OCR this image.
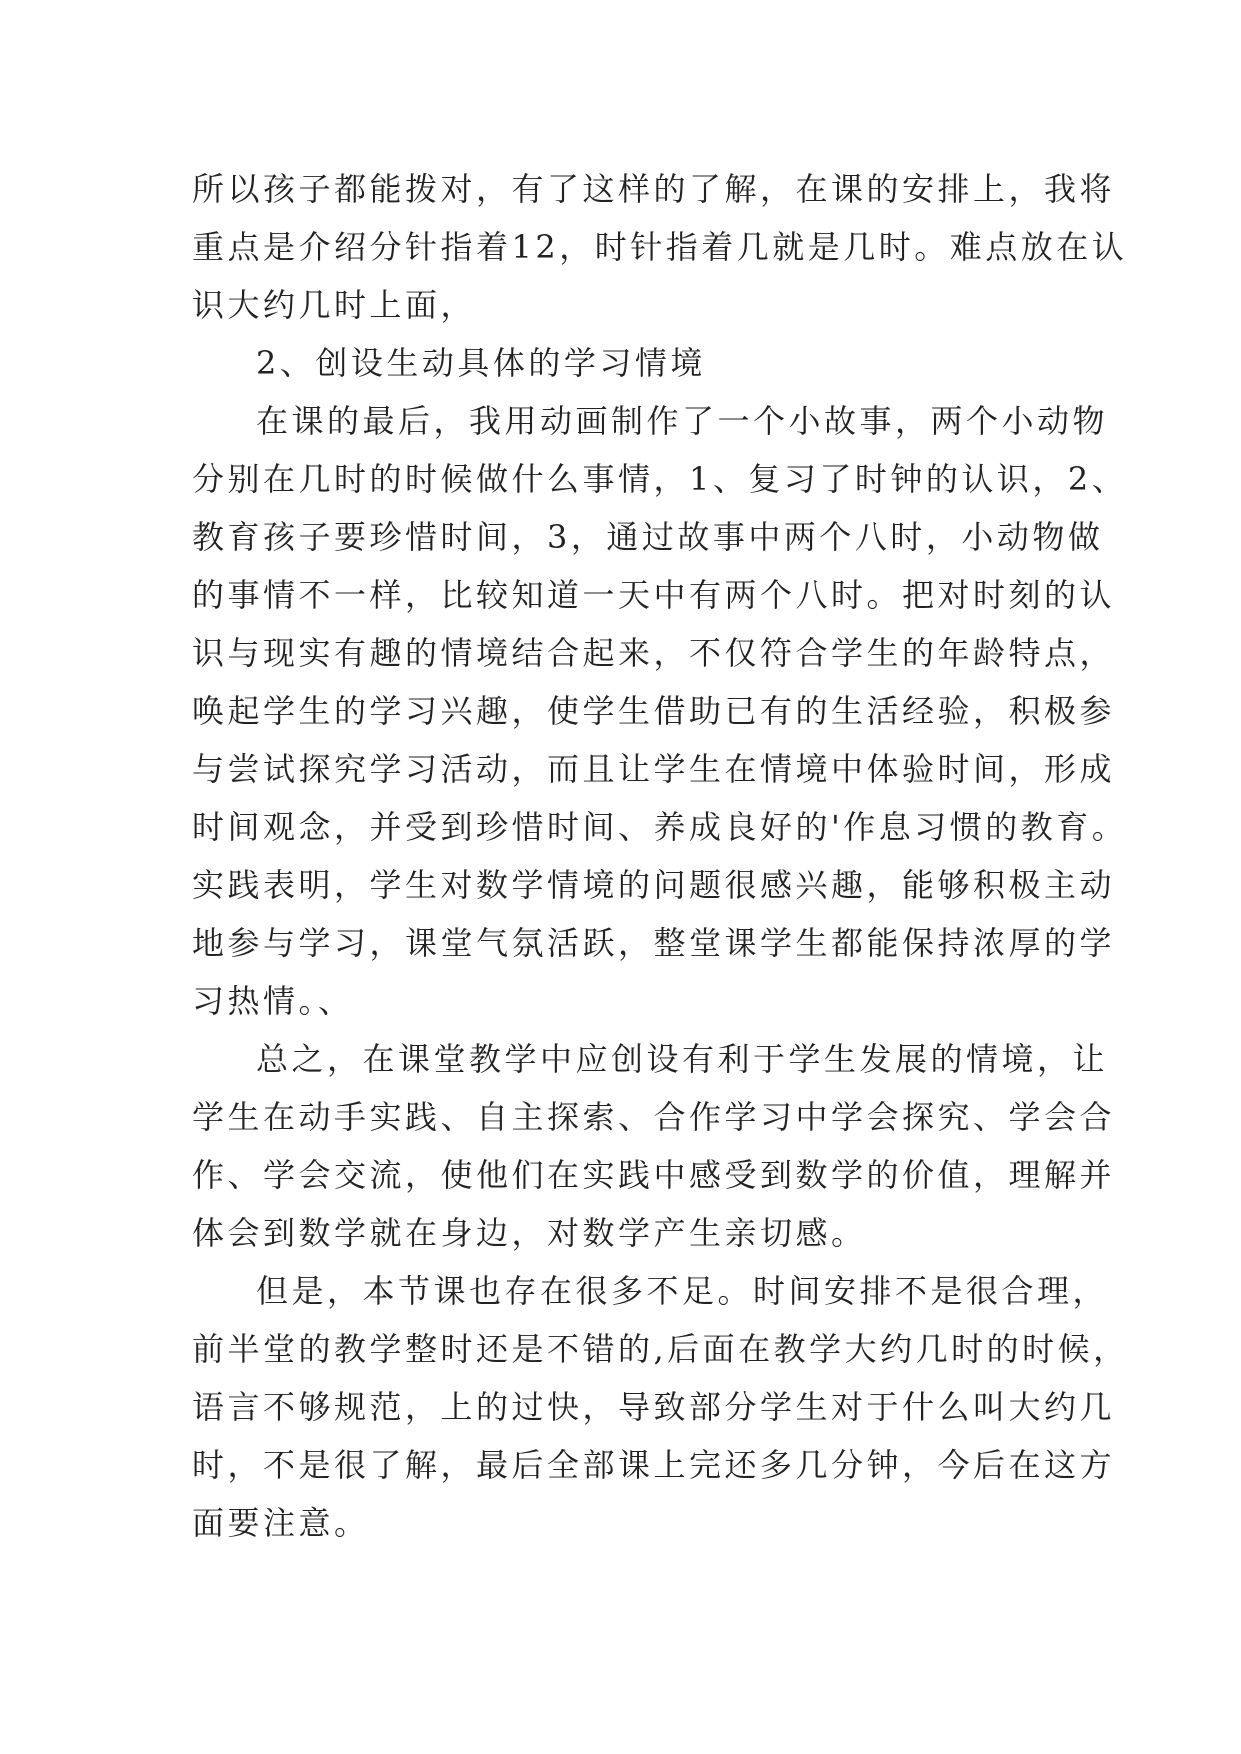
所以孩子都能拨对，有了这样的了解，在课的安排上，我将
重点是介绍分针指着12，时针指着几就是几时。难点放在认
识大约几时上面，
2、创设生动具体的学习情境
在课的最后，我用动画制作了一个小故事，两个小动物
分别在几时的时候做什么事情，1、复习了时钟的认识，2、
教育孩子要珍惜时间，3，通过故事中两个八时，小动物做
的事情不一样，比较知道一天中有两个八时。把对时刻的认
识与现实有趣的情境结合起来，不仅符合学生的年龄特点，
唤起学生的学习兴趣，使学生借助已有的生活经验，积极参
与尝试探究学习活动，而且让学生在情境中体验时间，形成
时间观念，并受到珍惜时间、养成良好的'作息习惯的教育。
实践表明，学生对数学情境的问题很感兴趣，能够积极主动
地参与学习，课堂气氛活跃，整堂课学生都能保持浓厚的学
习热情。、
总之，在课堂教学中应创设有利于学生发展的情境，让
学生在动手实践、自主探索、合作学习中学会探究、学会合
作、学会交流，使他们在实践中感受到数学的价值，理解并
体会到数学就在身边，对数学产生亲切感。
但是，本节课也存在很多不足。时间安排不是很合理，
前半堂的教学整时还是不错的,后面在教学大约几时的时候，
语言不够规范，上的过快，导致部分学生对于什么叫大约几
时，不是很了解，最后全部课上完还多几分钟，今后在这方
面要注意。
